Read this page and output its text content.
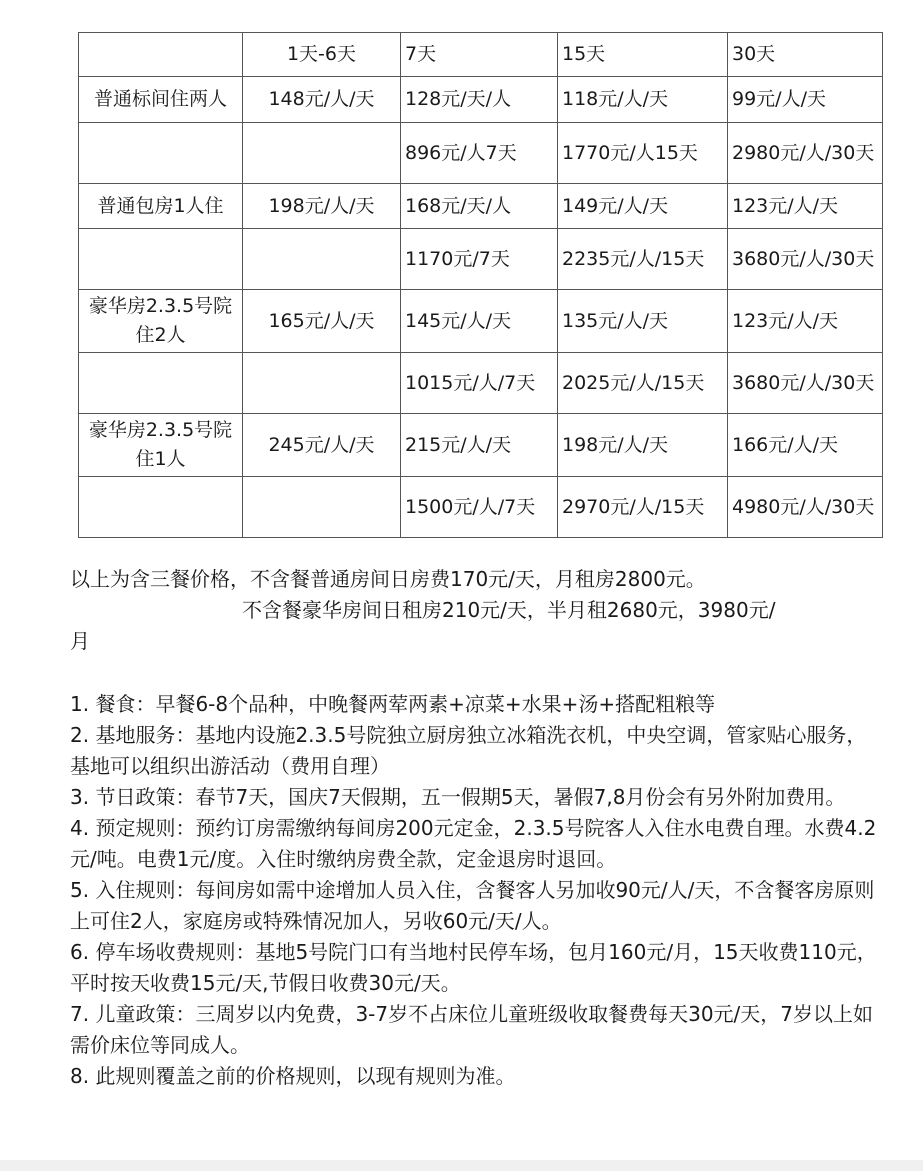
	1天-6天	7天	15天	30天
普通标间住两人	148元/人/天	128元/天/人	118元/人/天	99元/人/天
		896元/人7天	1770元/人15天	2980元/人/30天
普通包房1人住	198元/人/天	168元/天/人	149元/人/天	123元/人/天
		1170元/7天	2235元/人/15天	3680元/人/30天
豪华房2.3.5号院住2人	165元/人/天	145元/人/天	135元/人/天	123元/人/天
		1015元/人/7天	2025元/人/15天	3680元/人/30天
豪华房2.3.5号院住1人	245元/人/天	215元/人/天	198元/人/天	166元/人/天
		1500元/人/7天	2970元/人/15天	4980元/人/30天

以上为含三餐价格，不含餐普通房间日房费170元/天，月租房2800元。

不含餐豪华房间日租房210元/天，半月租2680元，3980元/

月

1. 餐食：早餐6-8个品种，中晚餐两荤两素+凉菜+水果+汤+搭配粗粮等

2. 基地服务：基地内设施2.3.5号院独立厨房独立冰箱洗衣机，中央空调，管家贴心服务，基地可以组织出游活动（费用自理）

3. 节日政策：春节7天，国庆7天假期，五一假期5天，暑假7,8月份会有另外附加费用。

4. 预定规则：预约订房需缴纳每间房200元定金，2.3.5号院客人入住水电费自理。水费4.2元/吨。电费1元/度。入住时缴纳房费全款，定金退房时退回。

5. 入住规则：每间房如需中途增加人员入住，含餐客人另加收90元/人/天，不含餐客房原则上可住2人，家庭房或特殊情况加人，另收60元/天/人。

6. 停车场收费规则：基地5号院门口有当地村民停车场，包月160元/月，15天收费110元，平时按天收费15元/天,节假日收费30元/天。

7. 儿童政策：三周岁以内免费，3-7岁不占床位儿童班级收取餐费每天30元/天，7岁以上如需价床位等同成人。

8. 此规则覆盖之前的价格规则，以现有规则为准。
